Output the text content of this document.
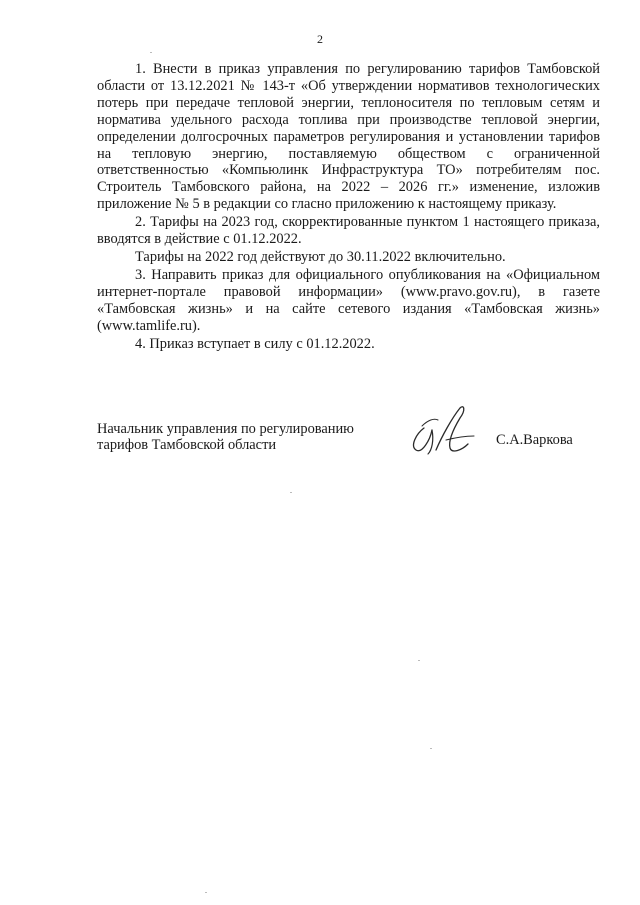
2

1. Внести в приказ управления по регулированию тарифов Тамбовской области от 13.12.2021 № 143-т «Об утверждении нормативов технологических потерь при передаче тепловой энергии, теплоносителя по тепловым сетям и норматива удельного расхода топлива при производстве тепловой энергии, определении долгосрочных параметров регулирования и установлении тарифов на тепловую энергию, поставляемую обществом с ограниченной ответственностью «Компьюлинк Инфраструктура ТО» потребителям пос. Строитель Тамбовского района, на 2022 – 2026 гг.» изменение, изложив приложение № 5 в редакции со гласно приложению к настоящему приказу.

2. Тарифы на 2023 год, скорректированные пунктом 1 настоящего приказа, вводятся в действие с 01.12.2022.

Тарифы на 2022 год действуют до 30.11.2022 включительно.

3. Направить приказ для официального опубликования на «Официальном интернет-портале правовой информации» (www.pravo.gov.ru), в газете «Тамбовская жизнь» и на сайте сетевого издания «Тамбовская жизнь» (www.tamlife.ru).

4. Приказ вступает в силу с 01.12.2022.

Начальник управления по регулированию
тарифов Тамбовской области	С.А.Варкова
